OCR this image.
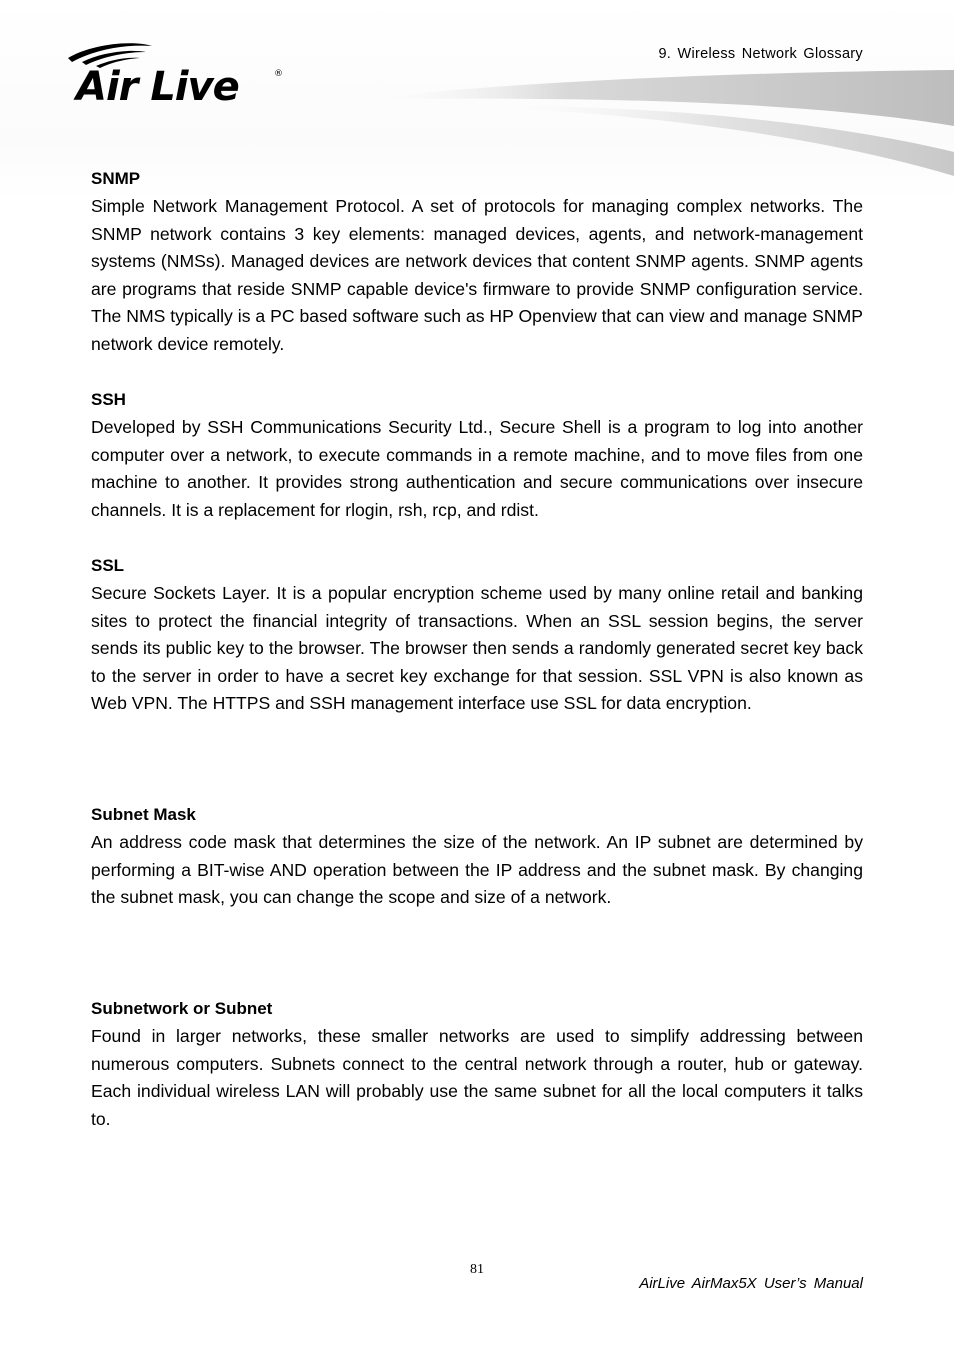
Air Live	®
9. Wireless Network Glossary

SNMP

Simple Network Management Protocol. A set of protocols for managing complex networks. The SNMP network contains 3 key elements: managed devices, agents, and network-management systems (NMSs). Managed devices are network devices that content SNMP agents. SNMP agents are programs that reside SNMP capable device's firmware to provide SNMP configuration service. The NMS typically is a PC based software such as HP Openview that can view and manage SNMP network device remotely.

SSH

Developed by SSH Communications Security Ltd., Secure Shell is a program to log into another computer over a network, to execute commands in a remote machine, and to move files from one machine to another. It provides strong authentication and secure communications over insecure channels. It is a replacement for rlogin, rsh, rcp, and rdist.

SSL

Secure Sockets Layer. It is a popular encryption scheme used by many online retail and banking sites to protect the financial integrity of transactions. When an SSL session begins, the server sends its public key to the browser. The browser then sends a randomly generated secret key back to the server in order to have a secret key exchange for that session. SSL VPN is also known as Web VPN. The HTTPS and SSH management interface use SSL for data encryption.

Subnet Mask

An address code mask that determines the size of the network. An IP subnet are determined by performing a BIT-wise AND operation between the IP address and the subnet mask. By changing the subnet mask, you can change the scope and size of a network.

Subnetwork or Subnet

Found in larger networks, these smaller networks are used to simplify addressing between numerous computers. Subnets connect to the central network through a router, hub or gateway. Each individual wireless LAN will probably use the same subnet for all the local computers it talks to.

81
AirLive AirMax5X User’s Manual
